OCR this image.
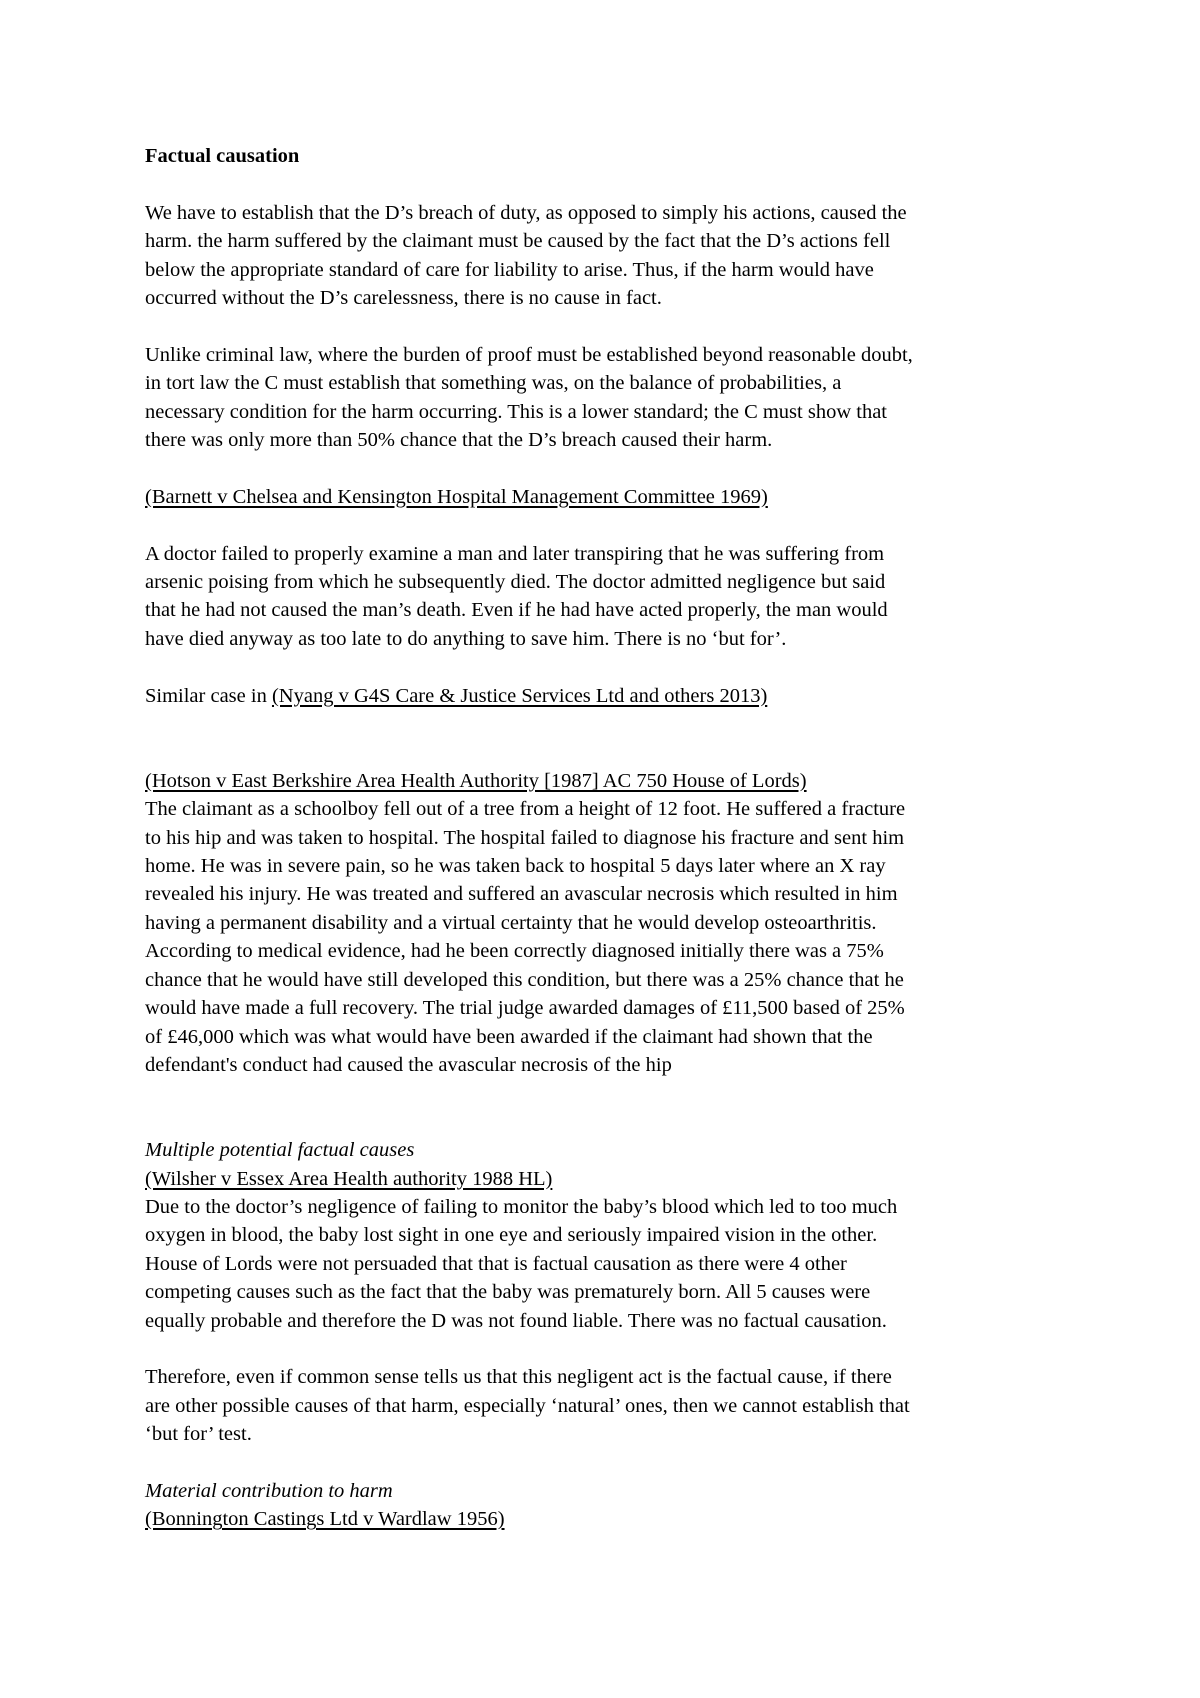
Factual causation

We have to establish that the D’s breach of duty, as opposed to simply his actions, caused the
harm. the harm suffered by the claimant must be caused by the fact that the D’s actions fell
below the appropriate standard of care for liability to arise. Thus, if the harm would have
occurred without the D’s carelessness, there is no cause in fact.

Unlike criminal law, where the burden of proof must be established beyond reasonable doubt,
in tort law the C must establish that something was, on the balance of probabilities, a
necessary condition for the harm occurring. This is a lower standard; the C must show that
there was only more than 50% chance that the D’s breach caused their harm.

(Barnett v Chelsea and Kensington Hospital Management Committee 1969)

A doctor failed to properly examine a man and later transpiring that he was suffering from
arsenic poising from which he subsequently died. The doctor admitted negligence but said
that he had not caused the man’s death. Even if he had have acted properly, the man would
have died anyway as too late to do anything to save him. There is no ‘but for’.

Similar case in (Nyang v G4S Care & Justice Services Ltd and others 2013)

(Hotson v East Berkshire Area Health Authority [1987] AC 750 House of Lords)

The claimant as a schoolboy fell out of a tree from a height of 12 foot. He suffered a fracture
to his hip and was taken to hospital. The hospital failed to diagnose his fracture and sent him
home. He was in severe pain, so he was taken back to hospital 5 days later where an X ray
revealed his injury. He was treated and suffered an avascular necrosis which resulted in him
having a permanent disability and a virtual certainty that he would develop osteoarthritis.
According to medical evidence, had he been correctly diagnosed initially there was a 75%
chance that he would have still developed this condition, but there was a 25% chance that he
would have made a full recovery. The trial judge awarded damages of £11,500 based of 25%
of £46,000 which was what would have been awarded if the claimant had shown that the
defendant's conduct had caused the avascular necrosis of the hip

Multiple potential factual causes

(Wilsher v Essex Area Health authority 1988 HL)

Due to the doctor’s negligence of failing to monitor the baby’s blood which led to too much
oxygen in blood, the baby lost sight in one eye and seriously impaired vision in the other.
House of Lords were not persuaded that that is factual causation as there were 4 other
competing causes such as the fact that the baby was prematurely born. All 5 causes were
equally probable and therefore the D was not found liable. There was no factual causation.

Therefore, even if common sense tells us that this negligent act is the factual cause, if there
are other possible causes of that harm, especially ‘natural’ ones, then we cannot establish that
‘but for’ test.

Material contribution to harm

(Bonnington Castings Ltd v Wardlaw 1956)
